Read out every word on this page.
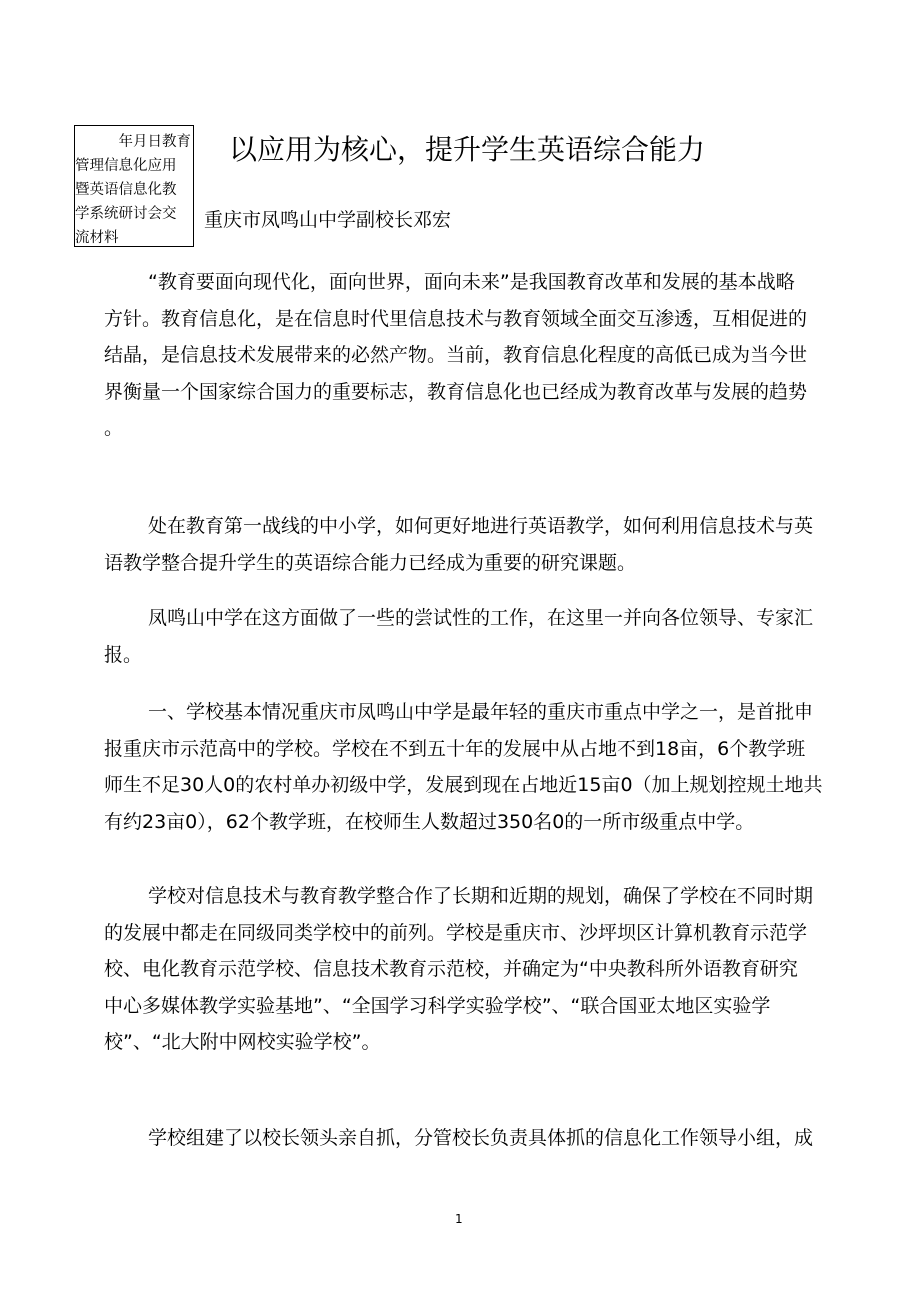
年月日教育
管理信息化应用
暨英语信息化教
学系统研讨会交
流材料
以应用为核心，提升学生英语综合能力
重庆市凤鸣山中学副校长邓宏
“教育要面向现代化，面向世界，面向未来”是我国教育改革和发展的基本战略
方针。教育信息化，是在信息时代里信息技术与教育领域全面交互渗透，互相促进的
结晶，是信息技术发展带来的必然产物。当前，教育信息化程度的高低已成为当今世
界衡量一个国家综合国力的重要标志，教育信息化也已经成为教育改革与发展的趋势
。
处在教育第一战线的中小学，如何更好地进行英语教学，如何利用信息技术与英
语教学整合提升学生的英语综合能力已经成为重要的研究课题。
凤鸣山中学在这方面做了一些的尝试性的工作，在这里一并向各位领导、专家汇
报。
一、学校基本情况重庆市凤鸣山中学是最年轻的重庆市重点中学之一，是首批申
报重庆市示范高中的学校。学校在不到五十年的发展中从占地不到18亩，6个教学班
师生不足30人0的农村单办初级中学，发展到现在占地近15亩0（加上规划控规土地共
有约23亩0），62个教学班，在校师生人数超过350名0的一所市级重点中学。
学校对信息技术与教育教学整合作了长期和近期的规划，确保了学校在不同时期
的发展中都走在同级同类学校中的前列。学校是重庆市、沙坪坝区计算机教育示范学
校、电化教育示范学校、信息技术教育示范校，并确定为“中央教科所外语教育研究
中心多媒体教学实验基地”、“全国学习科学实验学校”、“联合国亚太地区实验学
校”、“北大附中网校实验学校”。
学校组建了以校长领头亲自抓，分管校长负责具体抓的信息化工作领导小组，成
1
